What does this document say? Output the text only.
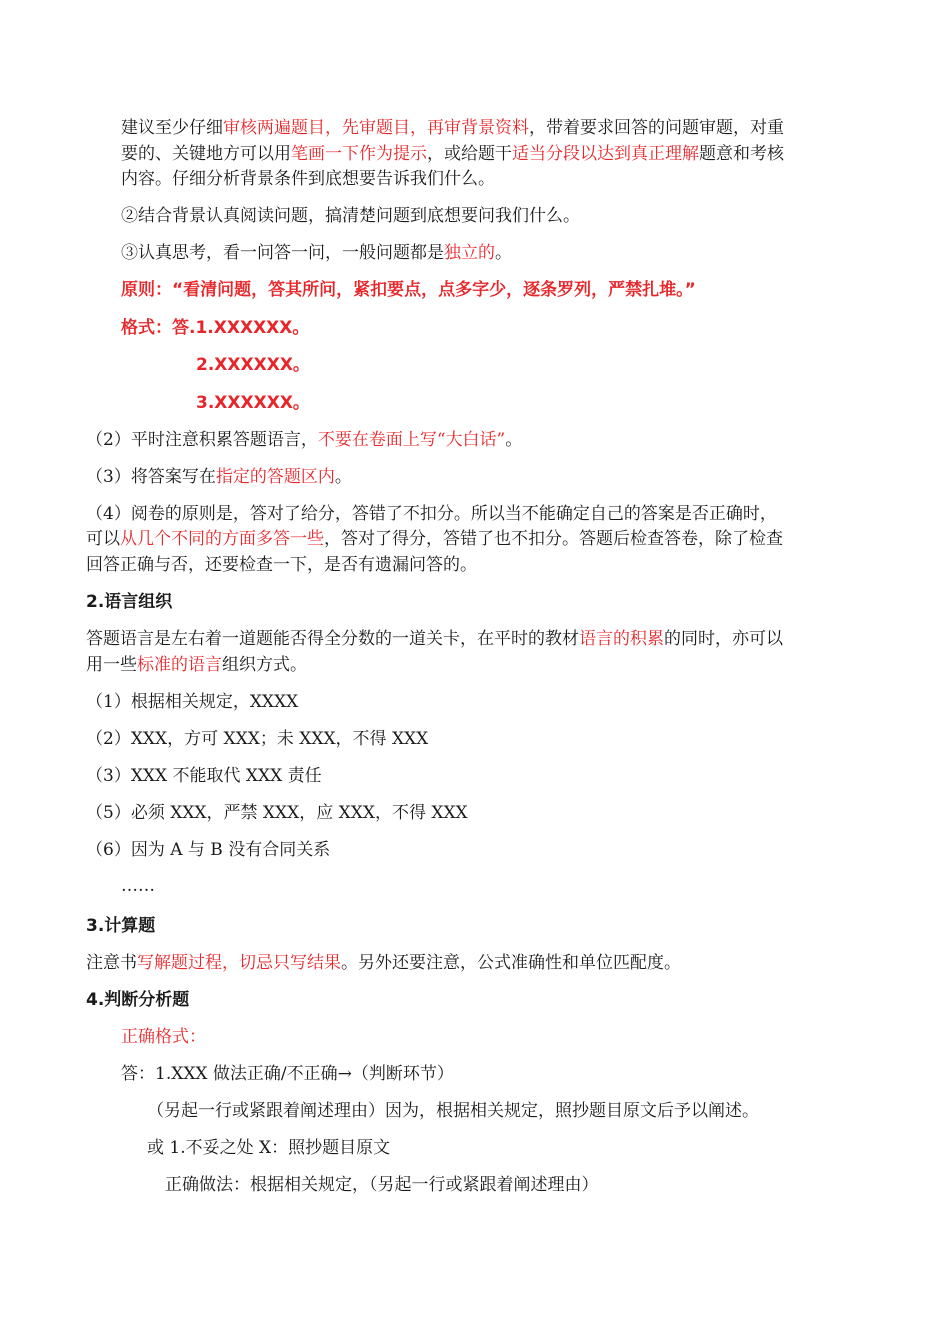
建议至少仔细审核两遍题目，先审题目，再审背景资料，带着要求回答的问题审题，对重
要的、关键地方可以用笔画一下作为提示，或给题干适当分段以达到真正理解题意和考核
内容。仔细分析背景条件到底想要告诉我们什么。
②结合背景认真阅读问题，搞清楚问题到底想要问我们什么。
③认真思考，看一问答一问，一般问题都是独立的。
原则：“看清问题，答其所问，紧扣要点，点多字少，逐条罗列，严禁扎堆。”
格式：答.1.XXXXXX。
2.XXXXXX。
3.XXXXXX。
（2）平时注意积累答题语言，不要在卷面上写“大白话”。
（3）将答案写在指定的答题区内。
（4）阅卷的原则是，答对了给分，答错了不扣分。所以当不能确定自己的答案是否正确时，
可以从几个不同的方面多答一些，答对了得分，答错了也不扣分。答题后检查答卷，除了检查
回答正确与否，还要检查一下，是否有遗漏问答的。
2.语言组织
答题语言是左右着一道题能否得全分数的一道关卡，在平时的教材语言的积累的同时，亦可以
用一些标准的语言组织方式。
（1）根据相关规定，XXXX
（2）XXX，方可 XXX；未 XXX，不得 XXX
（3）XXX 不能取代 XXX 责任
（5）必须 XXX，严禁 XXX，应 XXX，不得 XXX
（6）因为 A 与 B 没有合同关系
……
3.计算题
注意书写解题过程，切忌只写结果。另外还要注意，公式准确性和单位匹配度。
4.判断分析题
正确格式：
答：1.XXX 做法正确/不正确→（判断环节）
（另起一行或紧跟着阐述理由）因为，根据相关规定，照抄题目原文后予以阐述。
或 1.不妥之处 X：照抄题目原文
正确做法：根据相关规定，（另起一行或紧跟着阐述理由）
